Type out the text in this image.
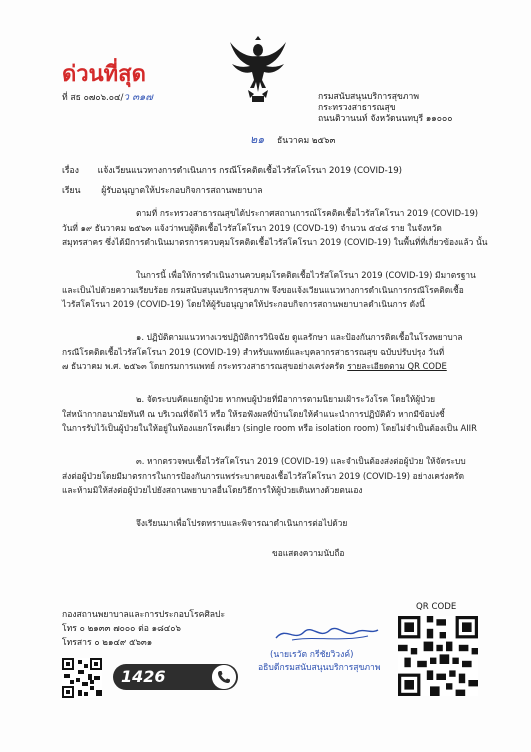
ด่วนที่สุด
ที่ สธ ๐๗๐๖.๐๔/ว ๓๑๗	กรมสนับสนุนบริการสุขภาพ
กระทรวงสาธารณสุข
ถนนติวานนท์ จังหวัดนนทบุรี ๑๑๐๐๐
๒๑ ธันวาคม ๒๕๖๓
เรื่อง แจ้งเวียนแนวทางการดำเนินการ กรณีโรคติดเชื้อไวรัสโคโรนา 2019 (COVID-19)
เรียน ผู้รับอนุญาตให้ประกอบกิจการสถานพยาบาล
ตามที่ กระทรวงสาธารณสุขได้ประกาศสถานการณ์โรคติดเชื้อไวรัสโคโรนา 2019 (COVID-19)
วันที่ ๑๙ ธันวาคม ๒๕๖๓ แจ้งว่าพบผู้ติดเชื้อไวรัสโคโรนา 2019 (COVD-19) จำนวน ๕๔๘ ราย ในจังหวัด
สมุทรสาคร ซึ่งได้มีการดำเนินมาตรการควบคุมโรคติดเชื้อไวรัสโคโรนา 2019 (COVID-19) ในพื้นที่ที่เกี่ยวข้องแล้ว นั้น
ในการนี้ เพื่อให้การดำเนินงานควบคุมโรคติดเชื้อไวรัสโคโรนา 2019 (COVID-19) มีมาตรฐาน
และเป็นไปด้วยความเรียบร้อย กรมสนับสนุนบริการสุขภาพ จึงขอแจ้งเวียนแนวทางการดำเนินการกรณีโรคติดเชื้อ
ไวรัสโคโรนา 2019 (COVID-19) โดยให้ผู้รับอนุญาตให้ประกอบกิจการสถานพยาบาลดำเนินการ ดังนี้
๑. ปฏิบัติตามแนวทางเวชปฏิบัติการวินิจฉัย ดูแลรักษา และป้องกันการติดเชื้อในโรงพยาบาล
กรณีโรคติดเชื้อไวรัสโคโรนา 2019 (COVID-19) สำหรับแพทย์และบุคลากรสาธารณสุข ฉบับปรับปรุง วันที่
๗ ธันวาคม พ.ศ. ๒๕๖๓ โดยกรมการแพทย์ กระทรวงสาธารณสุขอย่างเคร่งครัด รายละเอียดตาม QR CODE
๒. จัดระบบคัดแยกผู้ป่วย หากพบผู้ป่วยที่มีอาการตามนิยามเฝ้าระวังโรค โดยให้ผู้ป่วย
ใส่หน้ากากอนามัยทันที ณ บริเวณที่จัดไว้ หรือ ให้รอฟังผลที่บ้านโดยให้คำแนะนำการปฏิบัติตัว หากมีข้อบ่งชี้
ในการรับไว้เป็นผู้ป่วยในให้อยู่ในห้องแยกโรคเดี่ยว (single room หรือ isolation room) โดยไม่จำเป็นต้องเป็น AIIR
๓. หากตรวจพบเชื้อไวรัสโคโรนา 2019 (COVID-19) และจำเป็นต้องส่งต่อผู้ป่วย ให้จัดระบบ
ส่งต่อผู้ป่วยโดยมีมาตรการในการป้องกันการแพร่ระบาดของเชื้อไวรัสโคโรนา 2019 (COVID-19) อย่างเคร่งครัด
และห้ามมิให้ส่งต่อผู้ป่วยไปยังสถานพยาบาลอื่นโดยวิธีการให้ผู้ป่วยเดินทางด้วยตนเอง
จึงเรียนมาเพื่อโปรดทราบและพิจารณาดำเนินการต่อไปด้วย
ขอแสดงความนับถือ
(นายเรวัต กรีชัยวิวงค์)
อธิบดีกรมสนับสนุนบริการสุขภาพ
กองสถานพยาบาลและการประกอบโรคศิลปะ
โทร ๐ ๒๑๓๓ ๗๐๐๐ ต่อ ๑๘๔๐๖
โทรสาร ๐ ๒๑๔๙ ๕๖๓๑
1426
QR CODE
